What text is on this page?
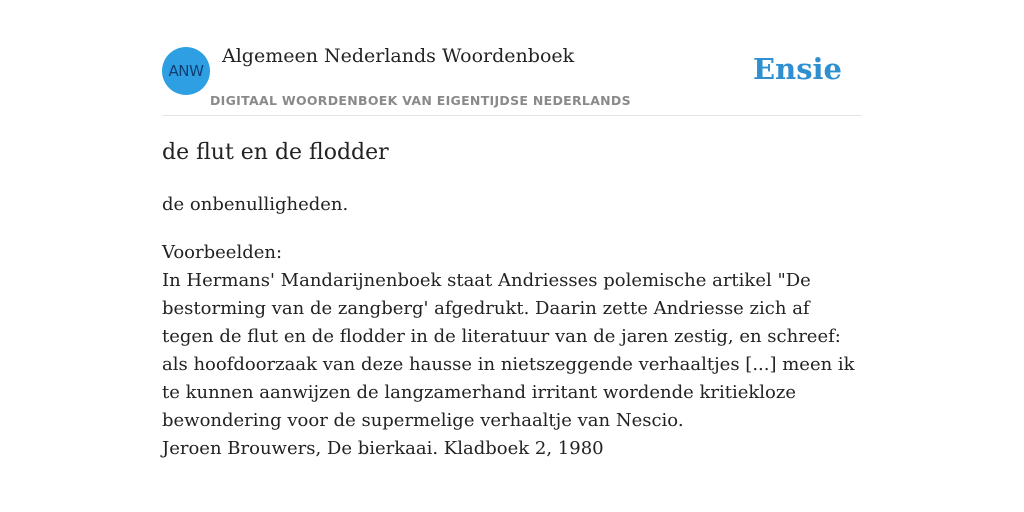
ANW
Algemeen Nederlands Woordenboek
DIGITAAL WOORDENBOEK VAN EIGENTIJDSE NEDERLANDS
Ensie
de flut en de flodder
de onbenulligheden.

Voorbeelden:

In Hermans' Mandarijnenboek staat Andriesses polemische artikel "De bestorming van de zangberg' afgedrukt. Daarin zette Andriesse zich af tegen de flut en de flodder in de literatuur van de jaren zestig, en schreef: als hoofdoorzaak van deze hausse in nietszeggende verhaaltjes [...] meen ik te kunnen aanwijzen de langzamerhand irritant wordende kritiekloze bewondering voor de supermelige verhaaltje van Nescio.

Jeroen Brouwers, De bierkaai. Kladboek 2, 1980
